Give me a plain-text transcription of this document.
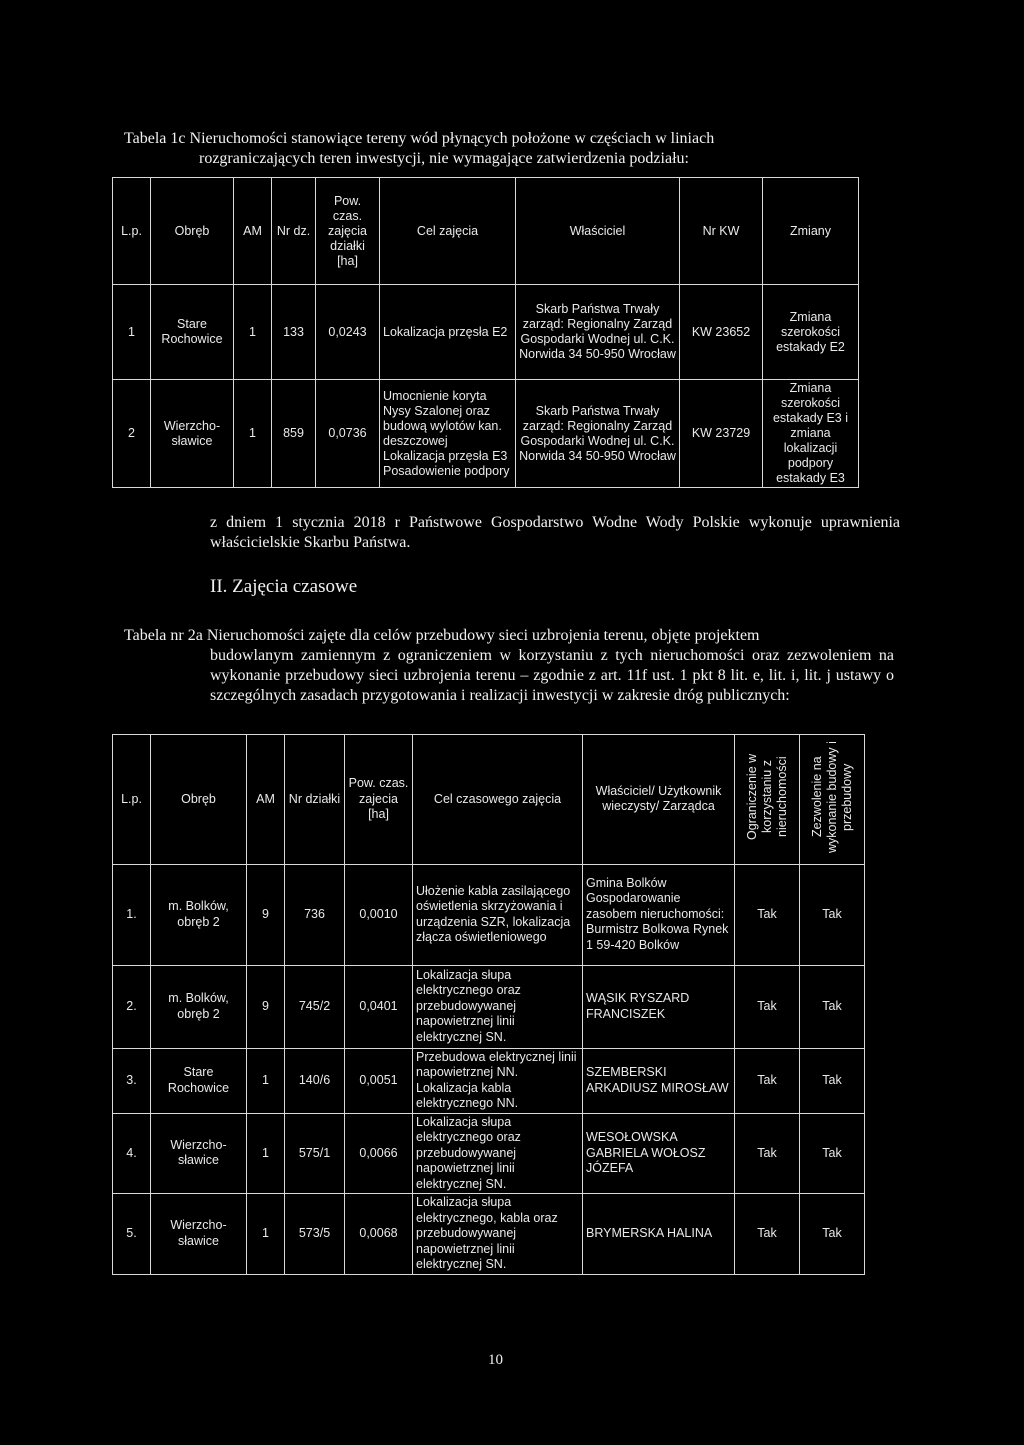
Tabela 1c Nieruchomości stanowiące tereny wód płynących położone w częściach w liniach
rozgraniczających teren inwestycji, nie wymagające zatwierdzenia podziału:
L.p.	Obręb	AM	Nr dz.	Pow. czas. zajęcia działki [ha]	Cel zajęcia	Właściciel	Nr KW	Zmiany
1	Stare Rochowice	1	133	0,0243	Lokalizacja przęsła E2	Skarb Państwa Trwały zarząd: Regionalny Zarząd Gospodarki Wodnej ul. C.K. Norwida 34 50-950 Wrocław	KW 23652	Zmiana szerokości estakady E2
2	Wierzcho-sławice	1	859	0,0736	Umocnienie koryta Nysy Szalonej oraz budową wylotów kan. deszczowej Lokalizacja przęsła E3 Posadowienie podpory	Skarb Państwa Trwały zarząd: Regionalny Zarząd Gospodarki Wodnej ul. C.K. Norwida 34 50-950 Wrocław	KW 23729	Zmiana szerokości estakady E3 i zmiana lokalizacji podpory estakady E3
z dniem 1 stycznia 2018 r Państwowe Gospodarstwo Wodne Wody Polskie wykonuje uprawnienia właścicielskie Skarbu Państwa.
II. Zajęcia czasowe
Tabela nr 2a Nieruchomości zajęte dla celów przebudowy sieci uzbrojenia terenu, objęte projektem
budowlanym zamiennym z ograniczeniem w korzystaniu z tych nieruchomości oraz zezwoleniem na wykonanie przebudowy sieci uzbrojenia terenu – zgodnie z art. 11f ust. 1 pkt 8 lit. e, lit. i, lit. j ustawy o szczególnych zasadach przygotowania i realizacji inwestycji w zakresie dróg publicznych:
L.p.	Obręb	AM	Nr działki	Pow. czas. zajecia [ha]	Cel czasowego zajęcia	Właściciel/ Użytkownik wieczysty/ Zarządca	Ograniczenie w korzystaniu z nieruchomości	Zezwolenie na wykonanie budowy i przebudowy
1.	m. Bolków, obręb 2	9	736	0,0010	Ułożenie kabla zasilającego oświetlenia skrzyżowania i urządzenia SZR, lokalizacja złącza oświetleniowego	Gmina Bolków Gospodarowanie zasobem nieruchomości: Burmistrz Bolkowa Rynek 1 59-420 Bolków	Tak	Tak
2.	m. Bolków, obręb 2	9	745/2	0,0401	Lokalizacja słupa elektrycznego oraz przebudowywanej napowietrznej linii elektrycznej SN.	WĄSIK RYSZARD FRANCISZEK	Tak	Tak
3.	Stare Rochowice	1	140/6	0,0051	Przebudowa elektrycznej linii napowietrznej NN. Lokalizacja kabla elektrycznego NN.	SZEMBERSKI ARKADIUSZ MIROSŁAW	Tak	Tak
4.	Wierzcho-sławice	1	575/1	0,0066	Lokalizacja słupa elektrycznego oraz przebudowywanej napowietrznej linii elektrycznej SN.	WESOŁOWSKA GABRIELA WOŁOSZ JÓZEFA	Tak	Tak
5.	Wierzcho-sławice	1	573/5	0,0068	Lokalizacja słupa elektrycznego, kabla oraz przebudowywanej napowietrznej linii elektrycznej SN.	BRYMERSKA HALINA	Tak	Tak
10
